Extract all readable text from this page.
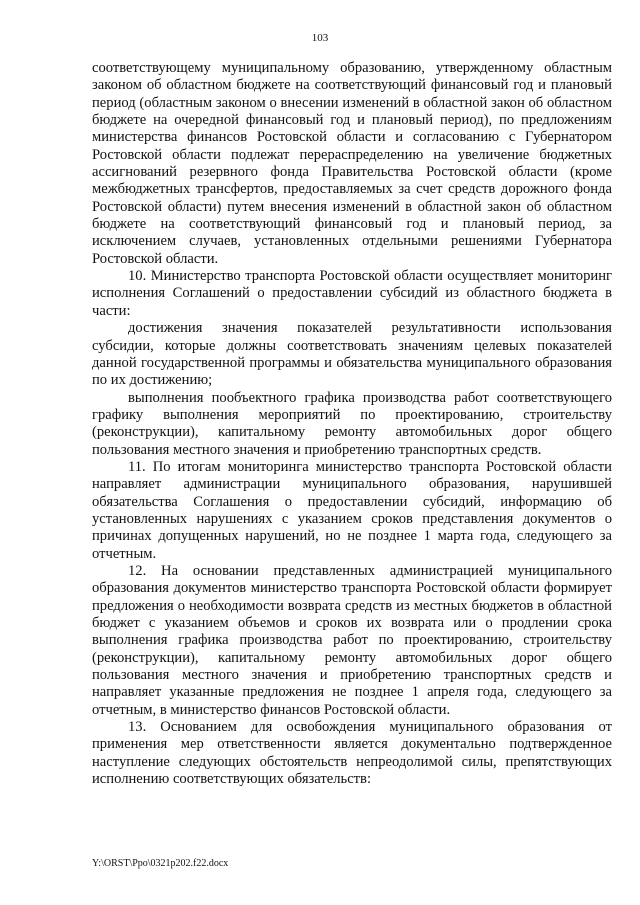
103

соответствующему муниципальному образованию, утвержденному областным законом об областном бюджете на соответствующий финансовый год и плановый период (областным законом о внесении изменений в областной закон об областном бюджете на очередной финансовый год и плановый период), по предложениям министерства финансов Ростовской области и согласованию с Губернатором Ростовской области подлежат перераспределению на увеличение бюджетных ассигнований резервного фонда Правительства Ростовской области (кроме межбюджетных трансфертов, предоставляемых за счет средств дорожного фонда Ростовской области) путем внесения изменений в областной закон об областном бюджете на соответствующий финансовый год и плановый период, за исключением случаев, установленных отдельными решениями Губернатора Ростовской области.

10. Министерство транспорта Ростовской области осуществляет мониторинг исполнения Соглашений о предоставлении субсидий из областного бюджета в части:

достижения значения показателей результативности использования субсидии, которые должны соответствовать значениям целевых показателей данной государственной программы и обязательства муниципального образования по их достижению;

выполнения пообъектного графика производства работ соответствующего графику выполнения мероприятий по проектированию, строительству (реконструкции), капитальному ремонту автомобильных дорог общего пользования местного значения и приобретению транспортных средств.

11. По итогам мониторинга министерство транспорта Ростовской области направляет администрации муниципального образования, нарушившей обязательства Соглашения о предоставлении субсидий, информацию об установленных нарушениях с указанием сроков представления документов о причинах допущенных нарушений, но не позднее 1 марта года, следующего за отчетным.

12. На основании представленных администрацией муниципального образования документов министерство транспорта Ростовской области формирует предложения о необходимости возврата средств из местных бюджетов в областной бюджет с указанием объемов и сроков их возврата или о продлении срока выполнения графика производства работ по проектированию, строительству (реконструкции), капитальному ремонту автомобильных дорог общего пользования местного значения и приобретению транспортных средств и направляет указанные предложения не позднее 1 апреля года, следующего за отчетным, в министерство финансов Ростовской области.

13. Основанием для освобождения муниципального образования от применения мер ответственности является документально подтвержденное наступление следующих обстоятельств непреодолимой силы, препятствующих исполнению соответствующих обязательств:

Y:\ORST\Ppo\0321p202.f22.docx
